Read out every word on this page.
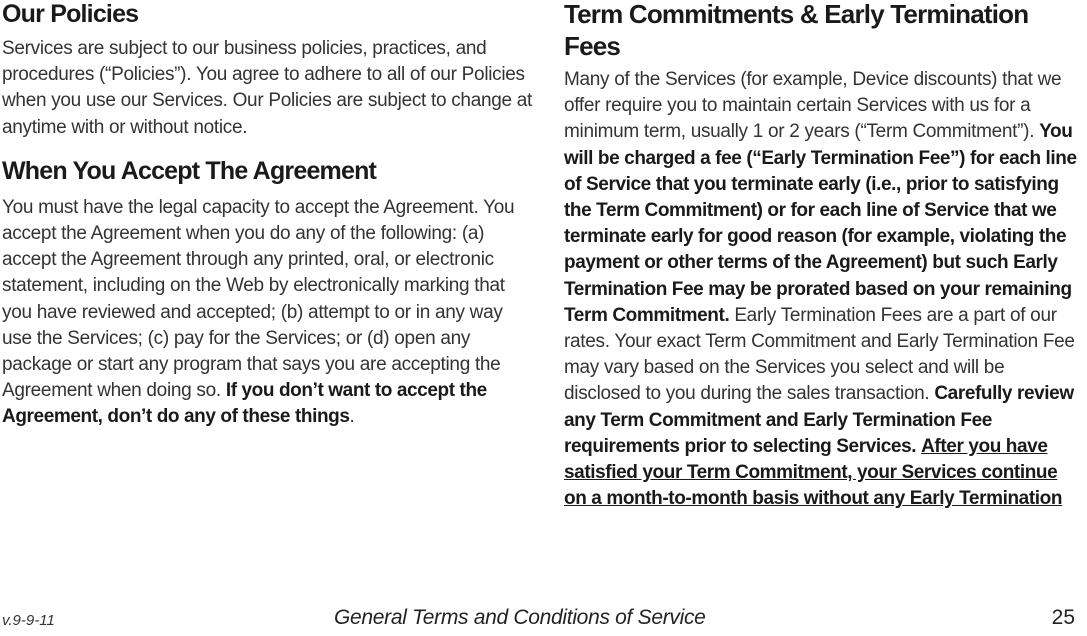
Our Policies

Services are subject to our business policies, practices, and procedures (“Policies”). You agree to adhere to all of our Policies when you use our Services. Our Policies are subject to change at anytime with or without notice.

When You Accept The Agreement

You must have the legal capacity to accept the Agreement. You accept the Agreement when you do any of the following: (a) accept the Agreement through any printed, oral, or electronic statement, including on the Web by electronically marking that you have reviewed and accepted; (b) attempt to or in any way use the Services; (c) pay for the Services; or (d) open any package or start any program that says you are accepting the Agreement when doing so. If you don’t want to accept the Agreement, don’t do any of these things.

Term Commitments & Early Termination Fees

Many of the Services (for example, Device discounts) that we offer require you to maintain certain Services with us for a minimum term, usually 1 or 2 years (“Term Commitment”). You will be charged a fee (“Early Termination Fee”) for each line of Service that you terminate early (i.e., prior to satisfying the Term Commitment) or for each line of Service that we terminate early for good reason (for example, violating the payment or other terms of the Agreement) but such Early Termination Fee may be prorated based on your remaining Term Commitment. Early Termination Fees are a part of our rates. Your exact Term Commitment and Early Termination Fee may vary based on the Services you select and will be disclosed to you during the sales transaction. Carefully review any Term Commitment and Early Termination Fee requirements prior to selecting Services. After you have satisfied your Term Commitment, your Services continue on a month-to-month basis without any Early Termination

v.9-9-11	General Terms and Conditions of Service	25
